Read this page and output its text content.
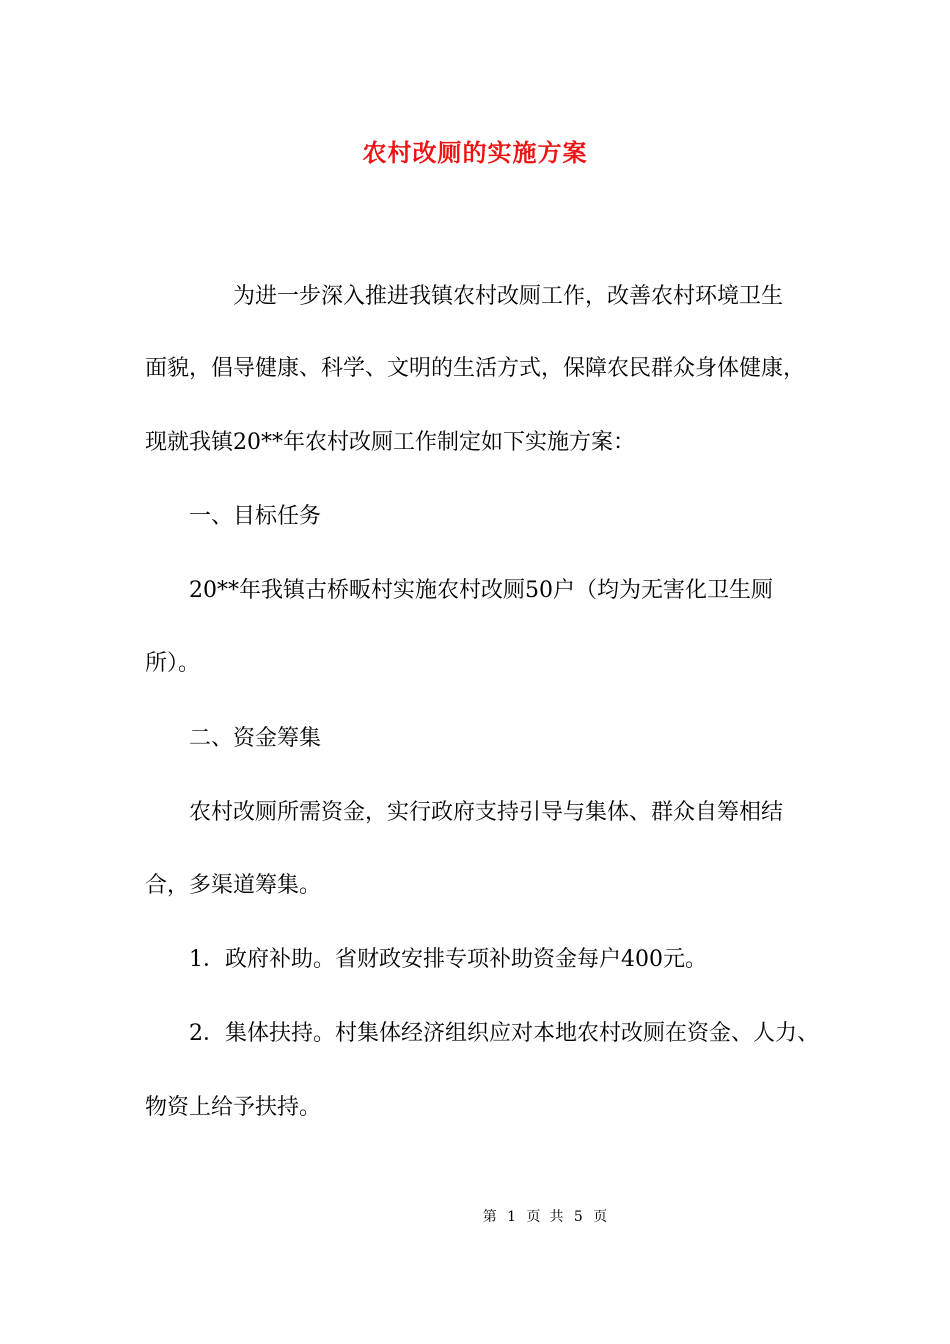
农村改厕的实施方案

为进一步深入推进我镇农村改厕工作，改善农村环境卫生

面貌，倡导健康、科学、文明的生活方式，保障农民群众身体健康，

现就我镇20**年农村改厕工作制定如下实施方案：

一、目标任务

20**年我镇古桥畈村实施农村改厕50户（均为无害化卫生厕

所）。

二、资金筹集

农村改厕所需资金，实行政府支持引导与集体、群众自筹相结

合，多渠道筹集。

1．政府补助。省财政安排专项补助资金每户400元。

2．集体扶持。村集体经济组织应对本地农村改厕在资金、人力、

物资上给予扶持。

第 1 页  共 5 页
